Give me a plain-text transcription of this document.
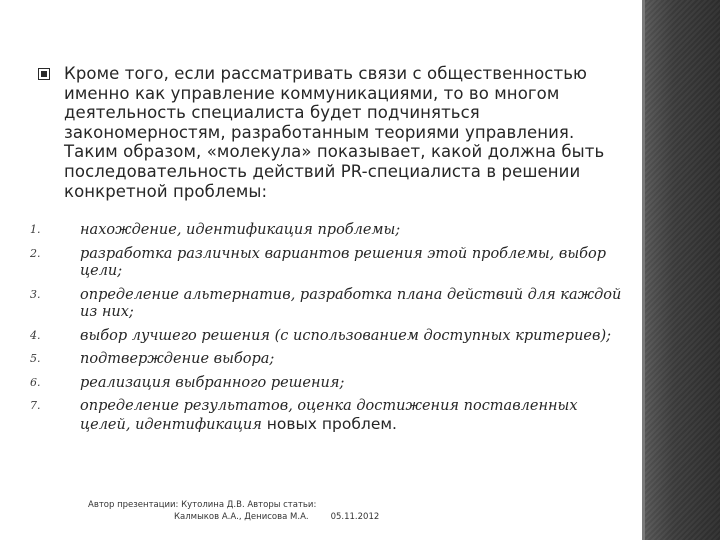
Кроме того, если рассматривать связи с общественностью именно как управление коммуникациями, то во многом деятельность специалиста будет подчиняться закономерностям, разработанным теориями управления. Таким образом, «молекула» показывает, какой должна быть последовательность действий PR-специалиста в решении конкретной проблемы:
1.	нахождение, идентификация проблемы;
2.	разработка различных вариантов решения этой проблемы, выбор цели;
3.	определение альтернатив, разработка плана действий для каждой из них;
4.	выбор лучшего решения (с использованием доступных критериев);
5.	подтверждение выбора;
6.	реализация выбранного решения;
7.	определение результатов, оценка достижения поставленных целей, идентификация новых проблем.
Автор презентации: Кутолина Д.В. Авторы статьи:
Калмыков А.А., Денисова М.А.	05.11.2012
